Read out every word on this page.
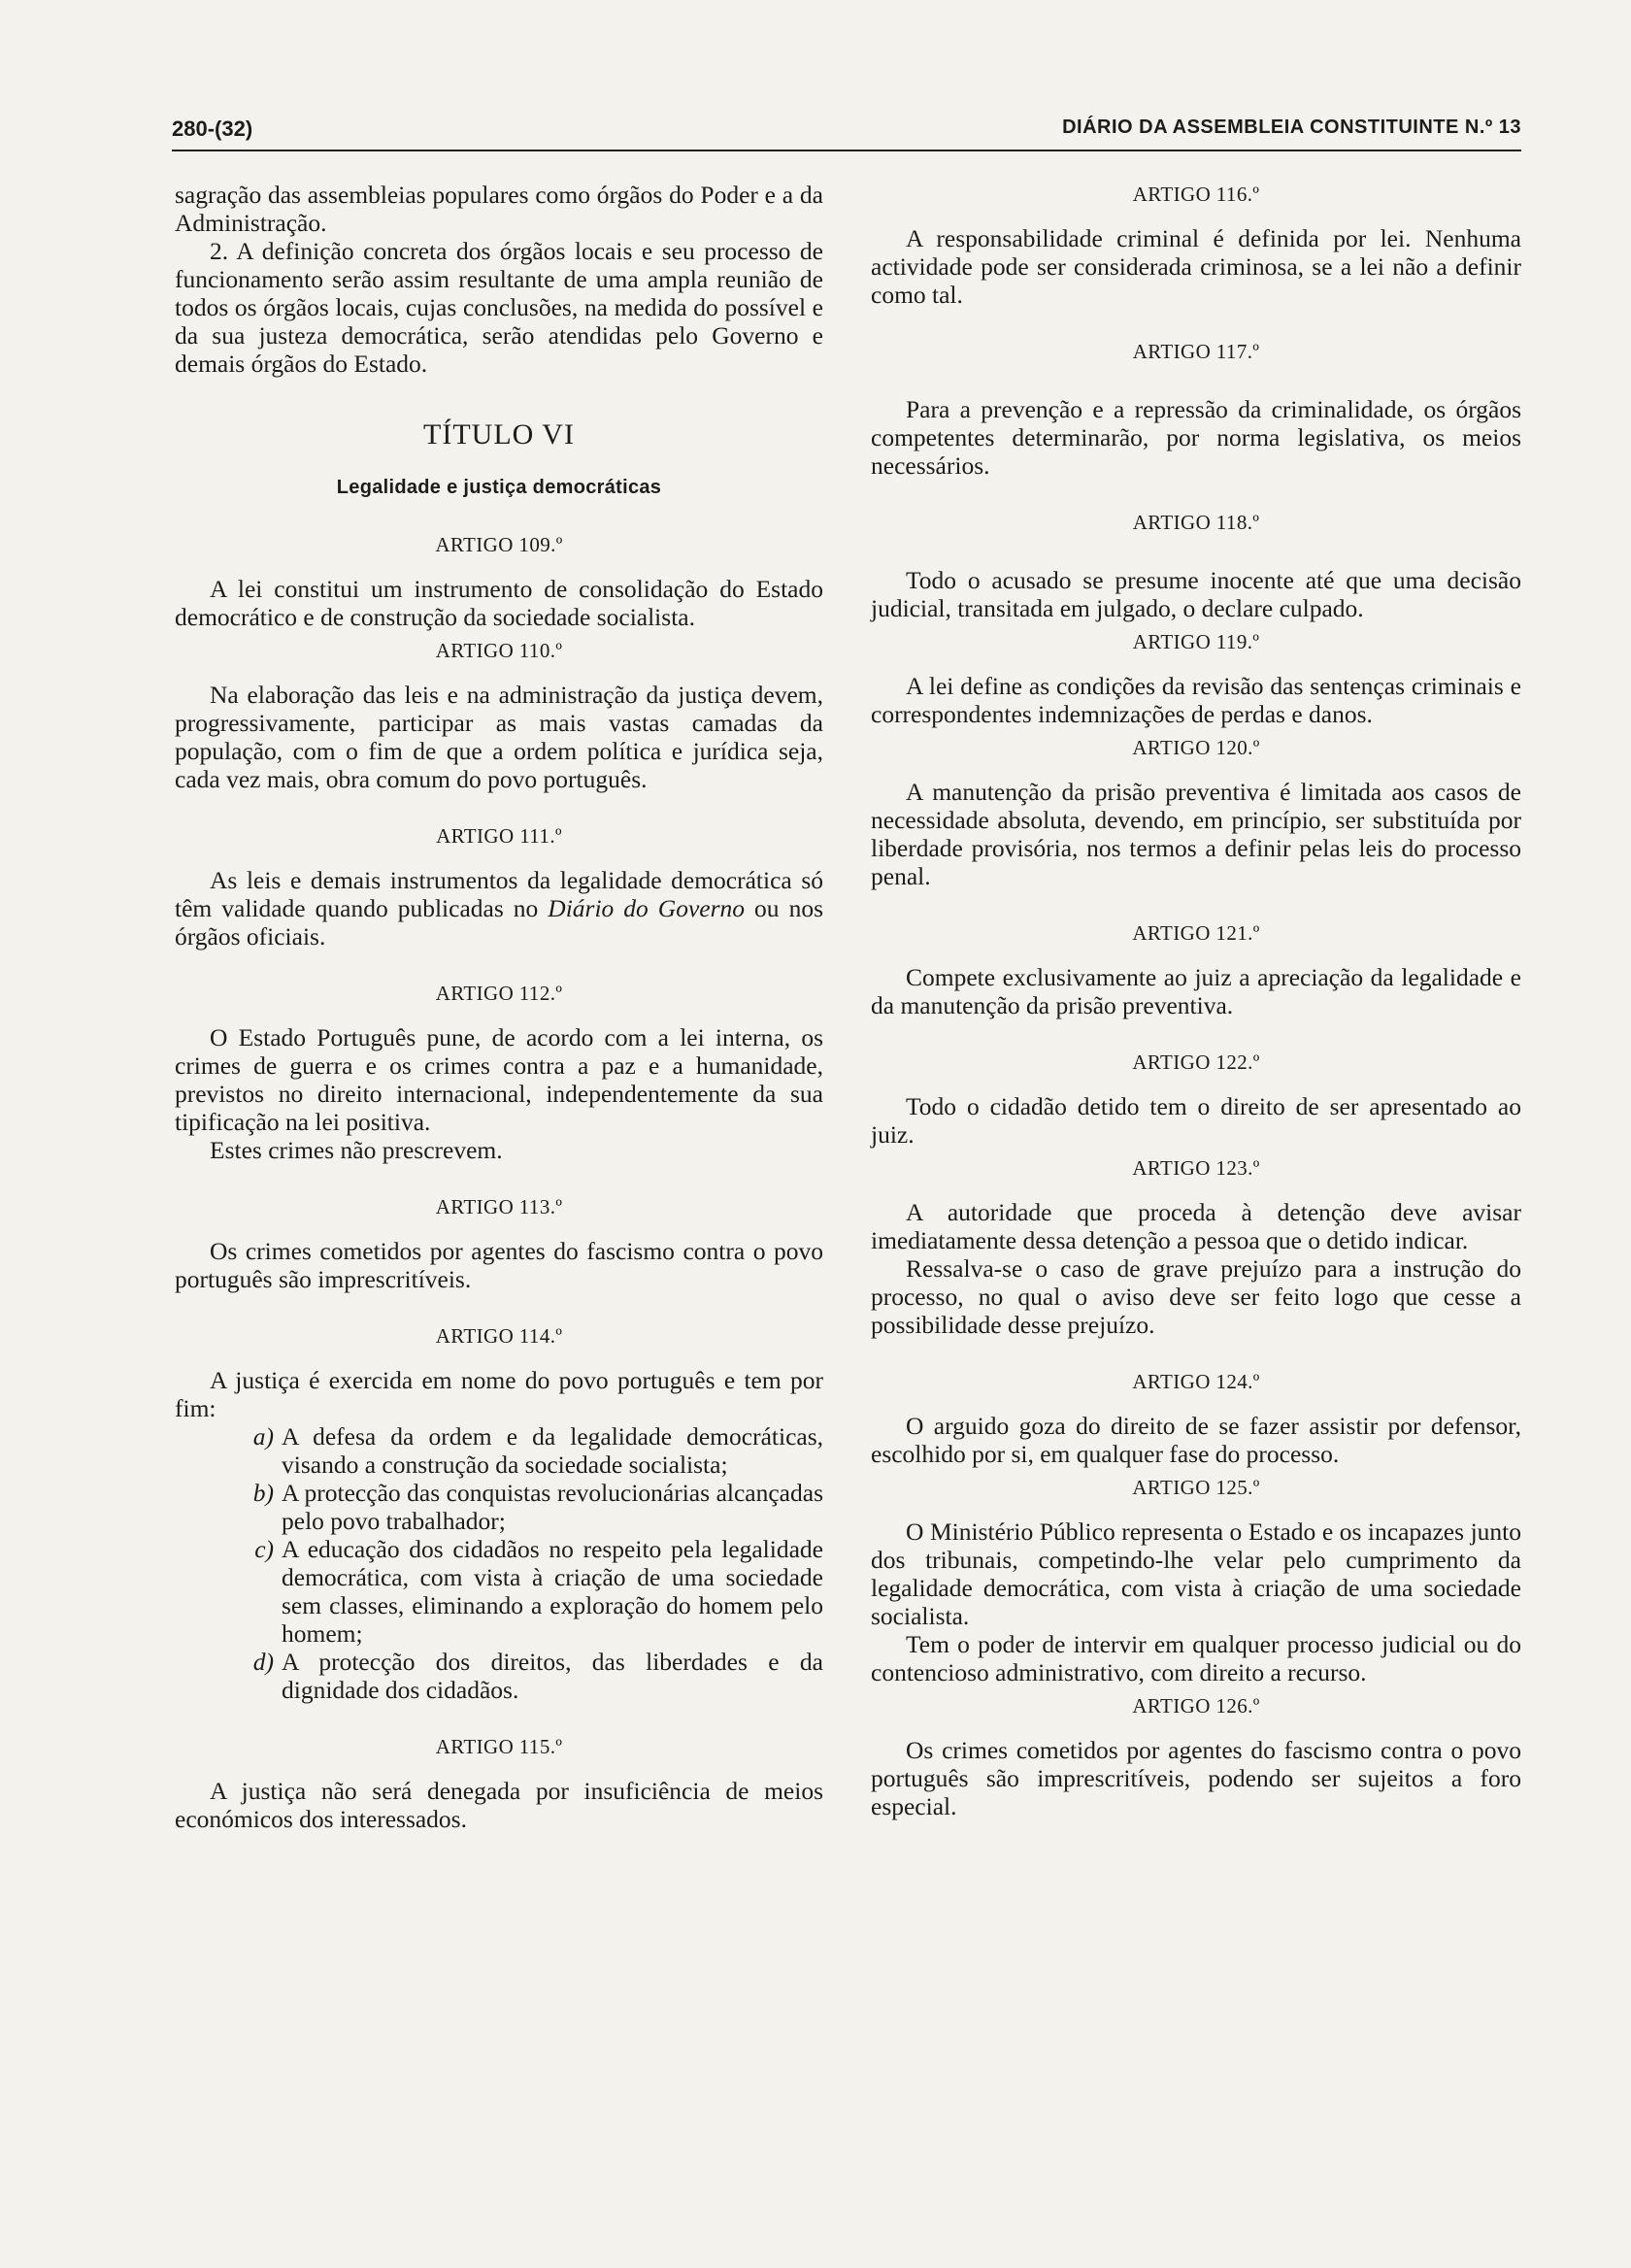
280-(32)	DIÁRIO DA ASSEMBLEIA CONSTITUINTE N.º 13

sagração das assembleias populares como órgãos do Poder e a da Administração.

2. A definição concreta dos órgãos locais e seu processo de funcionamento serão assim resultante de uma ampla reunião de todos os órgãos locais, cujas conclusões, na medida do possível e da sua justeza democrática, serão atendidas pelo Governo e demais órgãos do Estado.

TÍTULO VI
Legalidade e justiça democráticas
ARTIGO 109.º

A lei constitui um instrumento de consolidação do Estado democrático e de construção da sociedade socialista.

ARTIGO 110.º

Na elaboração das leis e na administração da justiça devem, progressivamente, participar as mais vastas camadas da população, com o fim de que a ordem política e jurídica seja, cada vez mais, obra comum do povo português.

ARTIGO 111.º

As leis e demais instrumentos da legalidade democrática só têm validade quando publicadas no Diário do Governo ou nos órgãos oficiais.

ARTIGO 112.º

O Estado Português pune, de acordo com a lei interna, os crimes de guerra e os crimes contra a paz e a humanidade, previstos no direito internacional, independentemente da sua tipificação na lei positiva.

Estes crimes não prescrevem.

ARTIGO 113.º

Os crimes cometidos por agentes do fascismo contra o povo português são imprescritíveis.

ARTIGO 114.º

A justiça é exercida em nome do povo português e tem por fim:

a) A defesa da ordem e da legalidade democráticas, visando a construção da sociedade socialista;
b) A protecção das conquistas revolucionárias alcançadas pelo povo trabalhador;
c) A educação dos cidadãos no respeito pela legalidade democrática, com vista à criação de uma sociedade sem classes, eliminando a exploração do homem pelo homem;
d) A protecção dos direitos, das liberdades e da dignidade dos cidadãos.
ARTIGO 115.º

A justiça não será denegada por insuficiência de meios económicos dos interessados.

ARTIGO 116.º

A responsabilidade criminal é definida por lei. Nenhuma actividade pode ser considerada criminosa, se a lei não a definir como tal.

ARTIGO 117.º

Para a prevenção e a repressão da criminalidade, os órgãos competentes determinarão, por norma legislativa, os meios necessários.

ARTIGO 118.º

Todo o acusado se presume inocente até que uma decisão judicial, transitada em julgado, o declare culpado.

ARTIGO 119.º

A lei define as condições da revisão das sentenças criminais e correspondentes indemnizações de perdas e danos.

ARTIGO 120.º

A manutenção da prisão preventiva é limitada aos casos de necessidade absoluta, devendo, em princípio, ser substituída por liberdade provisória, nos termos a definir pelas leis do processo penal.

ARTIGO 121.º

Compete exclusivamente ao juiz a apreciação da legalidade e da manutenção da prisão preventiva.

ARTIGO 122.º

Todo o cidadão detido tem o direito de ser apresentado ao juiz.

ARTIGO 123.º

A autoridade que proceda à detenção deve avisar imediatamente dessa detenção a pessoa que o detido indicar.

Ressalva-se o caso de grave prejuízo para a instrução do processo, no qual o aviso deve ser feito logo que cesse a possibilidade desse prejuízo.

ARTIGO 124.º

O arguido goza do direito de se fazer assistir por defensor, escolhido por si, em qualquer fase do processo.

ARTIGO 125.º

O Ministério Público representa o Estado e os incapazes junto dos tribunais, competindo-lhe velar pelo cumprimento da legalidade democrática, com vista à criação de uma sociedade socialista.

Tem o poder de intervir em qualquer processo judicial ou do contencioso administrativo, com direito a recurso.

ARTIGO 126.º

Os crimes cometidos por agentes do fascismo contra o povo português são imprescritíveis, podendo ser sujeitos a foro especial.
